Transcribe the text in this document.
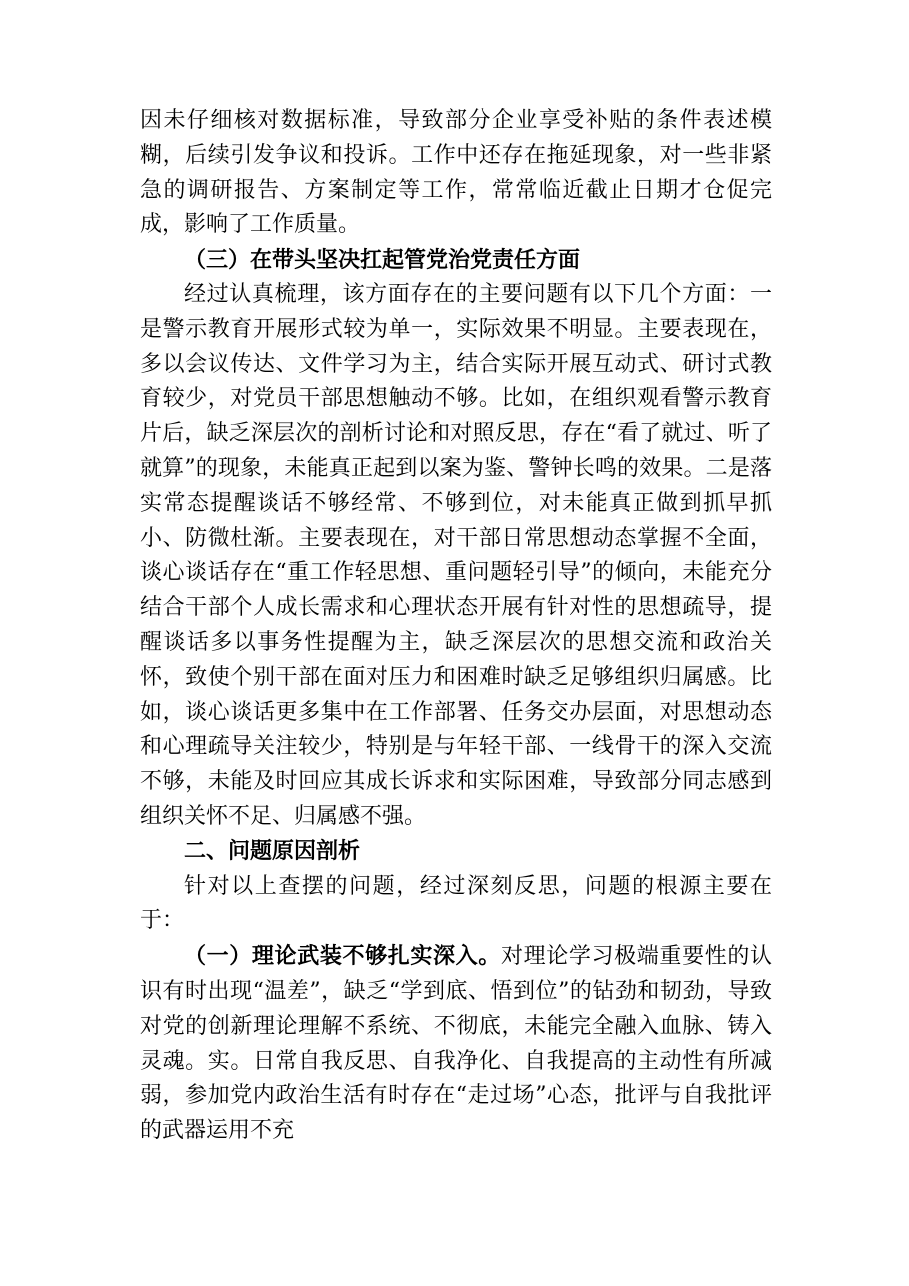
因未仔细核对数据标准，导致部分企业享受补贴的条件表述模糊，后续引发争议和投诉。工作中还存在拖延现象，对一些非紧急的调研报告、方案制定等工作，常常临近截止日期才仓促完成，影响了工作质量。

（三）在带头坚决扛起管党治党责任方面

经过认真梳理，该方面存在的主要问题有以下几个方面：一是警示教育开展形式较为单一，实际效果不明显。主要表现在，多以会议传达、文件学习为主，结合实际开展互动式、研讨式教育较少，对党员干部思想触动不够。比如，在组织观看警示教育片后，缺乏深层次的剖析讨论和对照反思，存在“看了就过、听了就算”的现象，未能真正起到以案为鉴、警钟长鸣的效果。二是落实常态提醒谈话不够经常、不够到位，对未能真正做到抓早抓小、防微杜渐。主要表现在，对干部日常思想动态掌握不全面，谈心谈话存在“重工作轻思想、重问题轻引导”的倾向，未能充分结合干部个人成长需求和心理状态开展有针对性的思想疏导，提醒谈话多以事务性提醒为主，缺乏深层次的思想交流和政治关怀，致使个别干部在面对压力和困难时缺乏足够组织归属感。比如，谈心谈话更多集中在工作部署、任务交办层面，对思想动态和心理疏导关注较少，特别是与年轻干部、一线骨干的深入交流不够，未能及时回应其成长诉求和实际困难，导致部分同志感到组织关怀不足、归属感不强。

二、问题原因剖析

针对以上查摆的问题，经过深刻反思，问题的根源主要在于：

（一）理论武装不够扎实深入。对理论学习极端重要性的认识有时出现“温差”，缺乏“学到底、悟到位”的钻劲和韧劲，导致对党的创新理论理解不系统、不彻底，未能完全融入血脉、铸入灵魂。实。日常自我反思、自我净化、自我提高的主动性有所减弱，参加党内政治生活有时存在“走过场”心态，批评与自我批评的武器运用不充
